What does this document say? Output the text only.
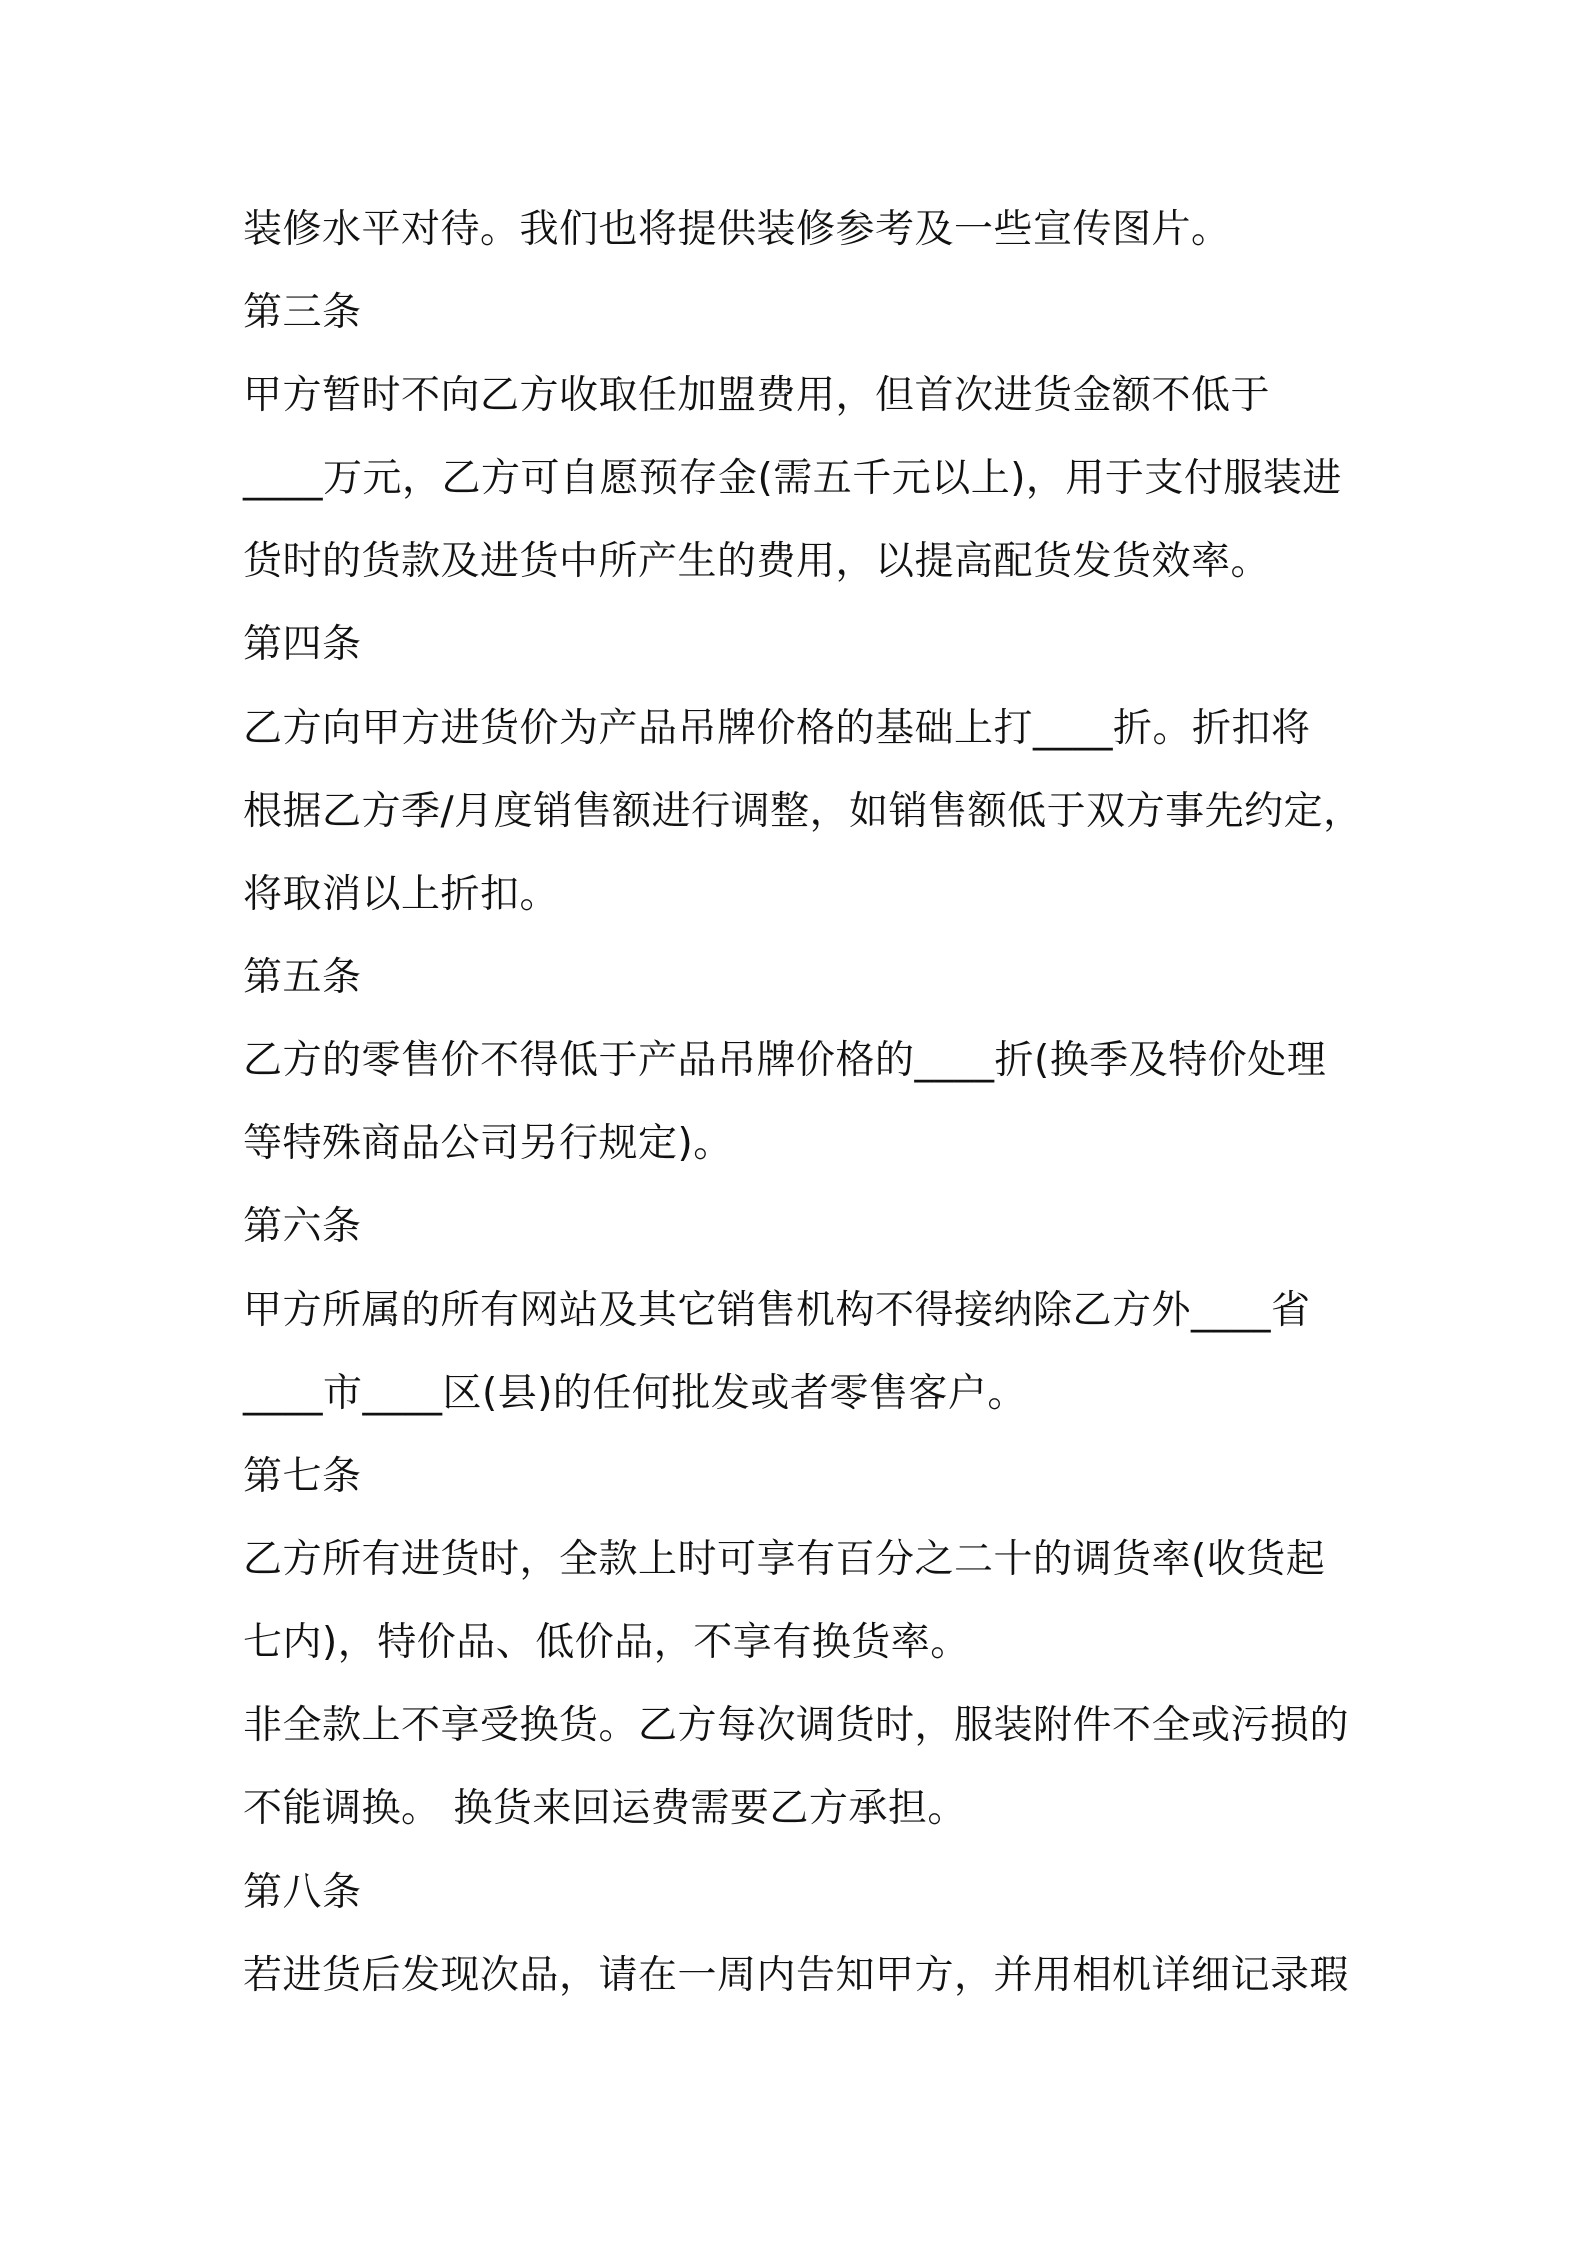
装修水平对待。我们也将提供装修参考及一些宣传图片。
第三条
甲方暂时不向乙方收取任加盟费用，但首次进货金额不低于
____万元，乙方可自愿预存金(需五千元以上)，用于支付服装进
货时的货款及进货中所产生的费用，以提高配货发货效率。
第四条
乙方向甲方进货价为产品吊牌价格的基础上打____折。折扣将
根据乙方季/月度销售额进行调整，如销售额低于双方事先约定，
将取消以上折扣。
第五条
乙方的零售价不得低于产品吊牌价格的____折(换季及特价处理
等特殊商品公司另行规定)。
第六条
甲方所属的所有网站及其它销售机构不得接纳除乙方外____省
____市____区(县)的任何批发或者零售客户。
第七条
乙方所有进货时，全款上时可享有百分之二十的调货率(收货起
七内)，特价品、低价品，不享有换货率。
非全款上不享受换货。乙方每次调货时，服装附件不全或污损的
不能调换。 换货来回运费需要乙方承担。
第八条
若进货后发现次品，请在一周内告知甲方，并用相机详细记录瑕
